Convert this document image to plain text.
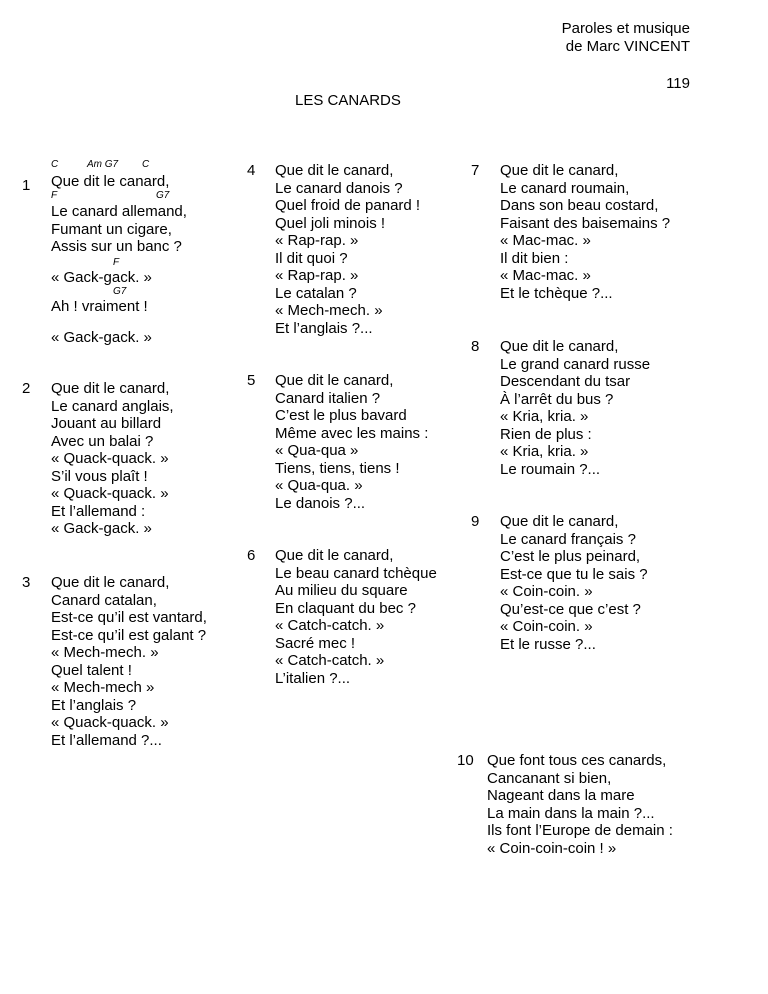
Paroles et musique
de Marc VINCENT
119
LES CANARDS
1
C	Am G7 C
Que dit le canard,
F	G7
Le canard allemand,
Fumant un cigare,
Assis sur un banc ?
F
« Gack-gack. »
G7
Ah ! vraiment !
« Gack-gack. »
2 Que dit le canard,
Le canard anglais,
Jouant au billard
Avec un balai ?
« Quack-quack. »
S’il vous plaît !
« Quack-quack. »
Et l’allemand :
« Gack-gack. »
3 Que dit le canard,
Canard catalan,
Est-ce qu’il est vantard,
Est-ce qu’il est galant ?
« Mech-mech. »
Quel talent !
« Mech-mech »
Et l’anglais ?
« Quack-quack. »
Et l’allemand ?...
4 Que dit le canard,
Le canard danois ?
Quel froid de panard !
Quel joli minois !
« Rap-rap. »
Il dit quoi ?
« Rap-rap. »
Le catalan ?
« Mech-mech. »
Et l’anglais ?...
5 Que dit le canard,
Canard italien ?
C’est le plus bavard
Même avec les mains :
« Qua-qua »
Tiens, tiens, tiens !
« Qua-qua. »
Le danois ?...
6 Que dit le canard,
Le beau canard tchèque
Au milieu du square
En claquant du bec ?
« Catch-catch. »
Sacré mec !
« Catch-catch. »
L’italien ?...
7 Que dit le canard,
Le canard roumain,
Dans son beau costard,
Faisant des baisemains ?
« Mac-mac. »
Il dit bien :
« Mac-mac. »
Et le tchèque ?...
8 Que dit le canard,
Le grand canard russe
Descendant du tsar
À l’arrêt du bus ?
« Kria, kria. »
Rien de plus :
« Kria, kria. »
Le roumain ?...
9 Que dit le canard,
Le canard français ?
C’est le plus peinard,
Est-ce que tu le sais ?
« Coin-coin. »
Qu’est-ce que c’est ?
« Coin-coin. »
Et le russe ?...
10 Que font tous ces canards,
Cancanant si bien,
Nageant dans la mare
La main dans la main ?...
Ils font l’Europe de demain :
« Coin-coin-coin ! »
